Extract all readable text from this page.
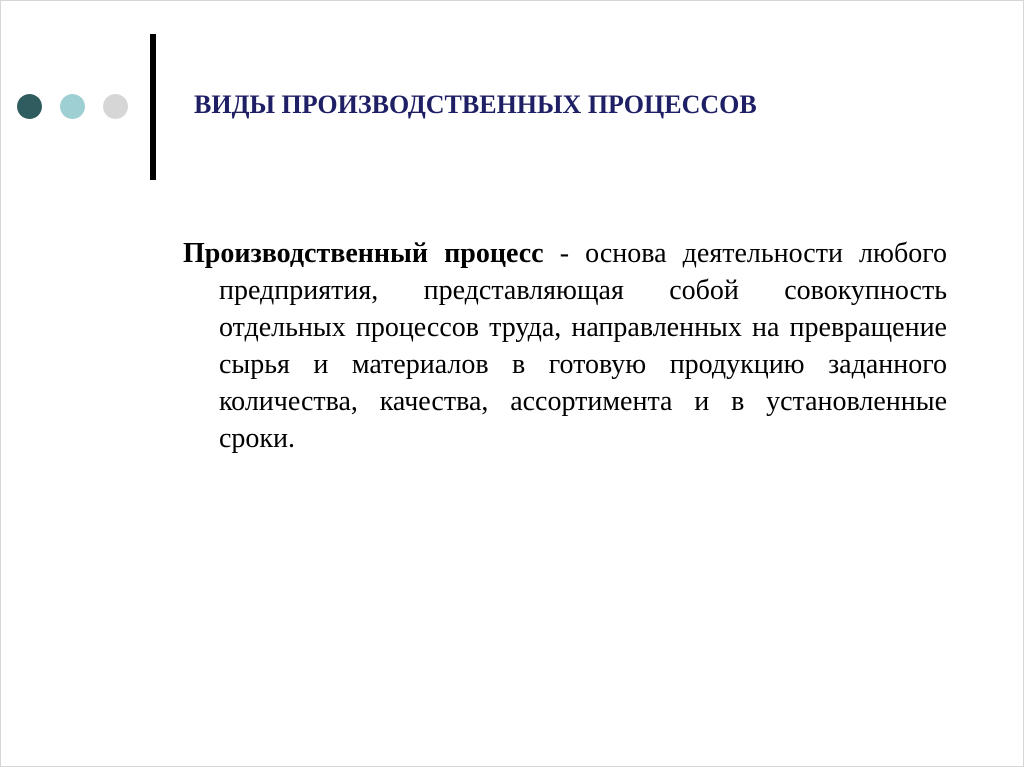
ВИДЫ ПРОИЗВОДСТВЕННЫХ ПРОЦЕССОВ

Производственный процесс - основа деятельности любого предприятия, представляющая собой совокупность отдельных процессов труда, направленных на превращение сырья и материалов в готовую продукцию заданного количества, качества, ассортимента и в установленные сроки.
